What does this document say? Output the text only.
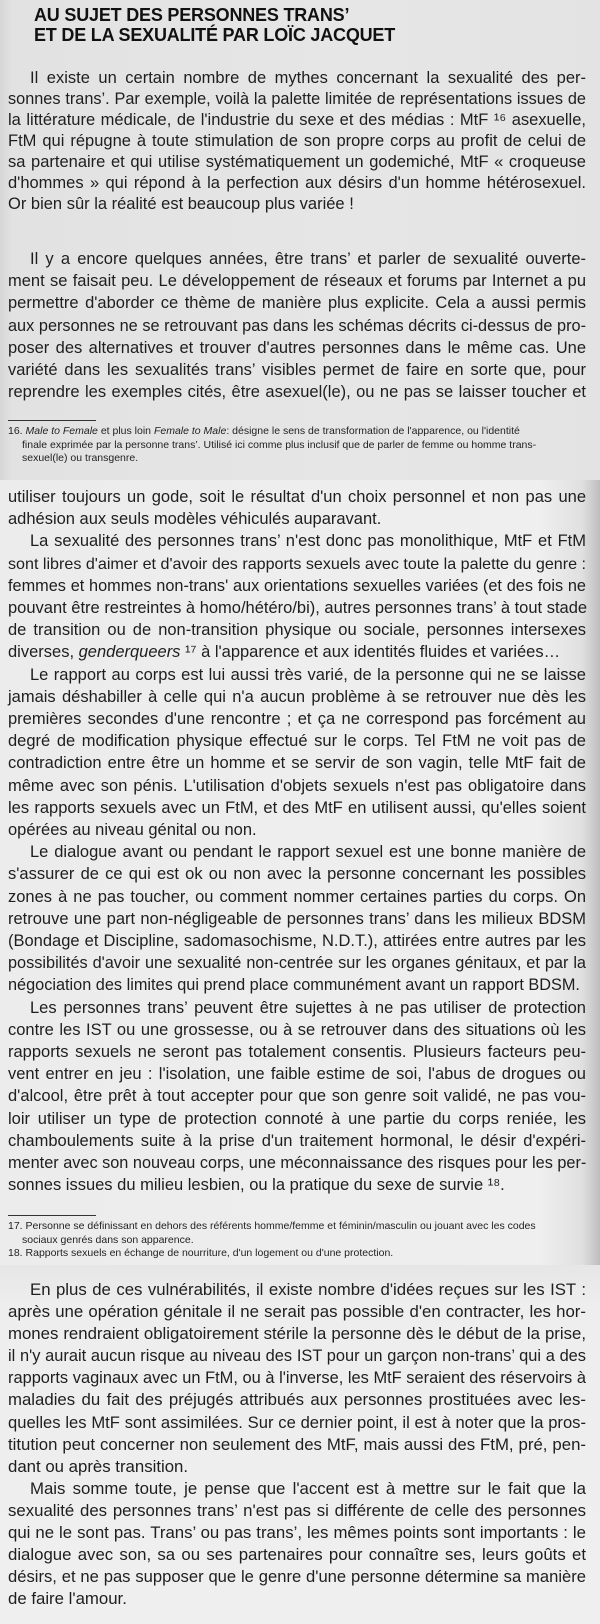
AU SUJET DES PERSONNES TRANS’
ET DE LA SEXUALITÉ PAR LOÏC JACQUET
Il existe un certain nombre de mythes concernant la sexualité des per-
sonnes trans’. Par exemple, voilà la palette limitée de représentations issues de
la littérature médicale, de l'industrie du sexe et des médias : MtF ¹⁶ asexuelle,
FtM qui répugne à toute stimulation de son propre corps au profit de celui de
sa partenaire et qui utilise systématiquement un godemiché, MtF « croqueuse
d'hommes » qui répond à la perfection aux désirs d'un homme hétérosexuel.
Or bien sûr la réalité est beaucoup plus variée !
Il y a encore quelques années, être trans’ et parler de sexualité ouverte-
ment se faisait peu. Le développement de réseaux et forums par Internet a pu
permettre d'aborder ce thème de manière plus explicite. Cela a aussi permis
aux personnes ne se retrouvant pas dans les schémas décrits ci-dessus de pro-
poser des alternatives et trouver d'autres personnes dans le même cas. Une
variété dans les sexualités trans’ visibles permet de faire en sorte que, pour
reprendre les exemples cités, être asexuel(le), ou ne pas se laisser toucher et
16. Male to Female et plus loin Female to Male: désigne le sens de transformation de l'apparence, ou l'identité
finale exprimée par la personne trans’. Utilisé ici comme plus inclusif que de parler de femme ou homme trans-
sexuel(le) ou transgenre.
utiliser toujours un gode, soit le résultat d'un choix personnel et non pas une
adhésion aux seuls modèles véhiculés auparavant.
La sexualité des personnes trans’ n'est donc pas monolithique, MtF et FtM
sont libres d'aimer et d'avoir des rapports sexuels avec toute la palette du genre :
femmes et hommes non-trans' aux orientations sexuelles variées (et des fois ne
pouvant être restreintes à homo/hétéro/bi), autres personnes trans’ à tout stade
de transition ou de non-transition physique ou sociale, personnes intersexes
diverses, genderqueers ¹⁷ à l'apparence et aux identités fluides et variées…
Le rapport au corps est lui aussi très varié, de la personne qui ne se laisse
jamais déshabiller à celle qui n'a aucun problème à se retrouver nue dès les
premières secondes d'une rencontre ; et ça ne correspond pas forcément au
degré de modification physique effectué sur le corps. Tel FtM ne voit pas de
contradiction entre être un homme et se servir de son vagin, telle MtF fait de
même avec son pénis. L'utilisation d'objets sexuels n'est pas obligatoire dans
les rapports sexuels avec un FtM, et des MtF en utilisent aussi, qu'elles soient
opérées au niveau génital ou non.
Le dialogue avant ou pendant le rapport sexuel est une bonne manière de
s'assurer de ce qui est ok ou non avec la personne concernant les possibles
zones à ne pas toucher, ou comment nommer certaines parties du corps. On
retrouve une part non-négligeable de personnes trans’ dans les milieux BDSM
(Bondage et Discipline, sadomasochisme, N.D.T.), attirées entre autres par les
possibilités d'avoir une sexualité non-centrée sur les organes génitaux, et par la
négociation des limites qui prend place communément avant un rapport BDSM.
Les personnes trans’ peuvent être sujettes à ne pas utiliser de protection
contre les IST ou une grossesse, ou à se retrouver dans des situations où les
rapports sexuels ne seront pas totalement consentis. Plusieurs facteurs peu-
vent entrer en jeu : l'isolation, une faible estime de soi, l'abus de drogues ou
d'alcool, être prêt à tout accepter pour que son genre soit validé, ne pas vou-
loir utiliser un type de protection connoté à une partie du corps reniée, les
chamboulements suite à la prise d'un traitement hormonal, le désir d'expéri-
menter avec son nouveau corps, une méconnaissance des risques pour les per-
sonnes issues du milieu lesbien, ou la pratique du sexe de survie ¹⁸.
17. Personne se définissant en dehors des référents homme/femme et féminin/masculin ou jouant avec les codes
sociaux genrés dans son apparence.
18. Rapports sexuels en échange de nourriture, d'un logement ou d'une protection.
En plus de ces vulnérabilités, il existe nombre d'idées reçues sur les IST :
après une opération génitale il ne serait pas possible d'en contracter, les hor-
mones rendraient obligatoirement stérile la personne dès le début de la prise,
il n'y aurait aucun risque au niveau des IST pour un garçon non-trans’ qui a des
rapports vaginaux avec un FtM, ou à l'inverse, les MtF seraient des réservoirs à
maladies du fait des préjugés attribués aux personnes prostituées avec les-
quelles les MtF sont assimilées. Sur ce dernier point, il est à noter que la pros-
titution peut concerner non seulement des MtF, mais aussi des FtM, pré, pen-
dant ou après transition.
Mais somme toute, je pense que l'accent est à mettre sur le fait que la
sexualité des personnes trans’ n'est pas si différente de celle des personnes
qui ne le sont pas. Trans’ ou pas trans’, les mêmes points sont importants : le
dialogue avec son, sa ou ses partenaires pour connaître ses, leurs goûts et
désirs, et ne pas supposer que le genre d'une personne détermine sa manière
de faire l'amour.
